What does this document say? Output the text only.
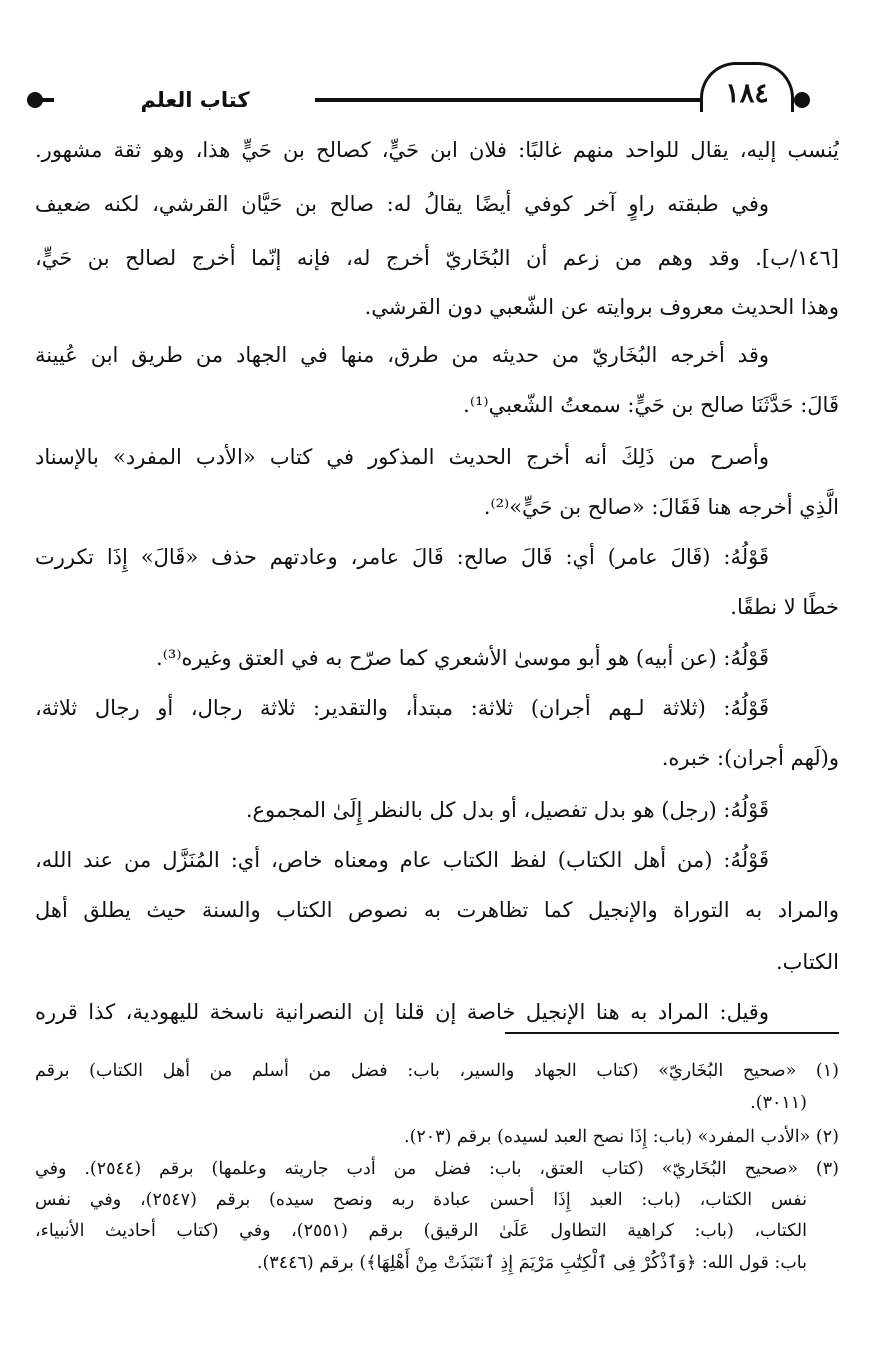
كتاب العلم	١٨٤
يُنسب إليه، يقال للواحد منهم غالبًا: فلان ابن حَيٍّ، كصالح بن حَيٍّ هذا، وهو ثقة مشهور.
وفي طبقته راوٍ آخر كوفي أيضًا يقالُ له: صالح بن حَيَّان القرشي، لكنه ضعيف
[١٤٦/ب]. وقد وهم من زعم أن البُخَاريّ أخرج له، فإنه إنّما أخرج لصالح بن حَيٍّ،
وهذا الحديث معروف بروايته عن الشّعبي دون القرشي.
وقد أخرجه البُخَاريّ من حديثه من طرق، منها في الجهاد من طريق ابن عُيينة
قَالَ: حَدَّثَنَا صالح بن حَيٍّ: سمعتُ الشّعبي⁽¹⁾.
وأصرح من ذَلِكَ أنه أخرج الحديث المذكور في كتاب «الأدب المفرد» بالإسناد
الَّذِي أخرجه هنا فَقَالَ: «صالح بن حَيٍّ»⁽²⁾.
قَوْلُهُ: (قَالَ عامر) أي: قَالَ صالح: قَالَ عامر، وعادتهم حذف «قَالَ» إِذَا تكررت
خطًا لا نطقًا.
قَوْلُهُ: (عن أبيه) هو أبو موسىٰ الأشعري كما صرّح به في العتق وغيره⁽³⁾.
قَوْلُهُ: (ثلاثة لـهم أجران) ثلاثة: مبتدأ، والتقدير: ثلاثة رجال، أو رجال ثلاثة،
و(لَهم أجران): خبره.
قَوْلُهُ: (رجل) هو بدل تفصيل، أو بدل كل بالنظر إِلَىٰ المجموع.
قَوْلُهُ: (من أهل الكتاب) لفظ الكتاب عام ومعناه خاص، أي: المُنَزَّل من عند الله،
والمراد به التوراة والإنجيل كما تظاهرت به نصوص الكتاب والسنة حيث يطلق أهل
الكتاب.
وقيل: المراد به هنا الإنجيل خاصة إن قلنا إن النصرانية ناسخة لليهودية، كذا قرره
(١) «صحيح البُخَاريّ» (كتاب الجهاد والسير، باب: فضل من أسلم من أهل الكتاب) برقم
(٣٠١١).
(٢) «الأدب المفرد» (باب: إِذَا نصح العبد لسيده) برقم (٢٠٣).
(٣) «صحيح البُخَاريّ» (كتاب العتق، باب: فضل من أدب جاريته وعلمها) برقم (٢٥٤٤). وفي
نفس الكتاب، (باب: العبد إِذَا أحسن عبادة ربه ونصح سيده) برقم (٢٥٤٧)، وفي نفس
الكتاب، (باب: كراهية التطاول عَلَىٰ الرقيق) برقم (٢٥٥١)، وفي (كتاب أحاديث الأنبياء،
باب: قول الله: ﴿وَٱذْكُرْ فِى ٱلْكِتَٰبِ مَرْيَمَ إِذِ ٱنتَبَذَتْ مِنْ أَهْلِهَا﴾) برقم (٣٤٤٦).
